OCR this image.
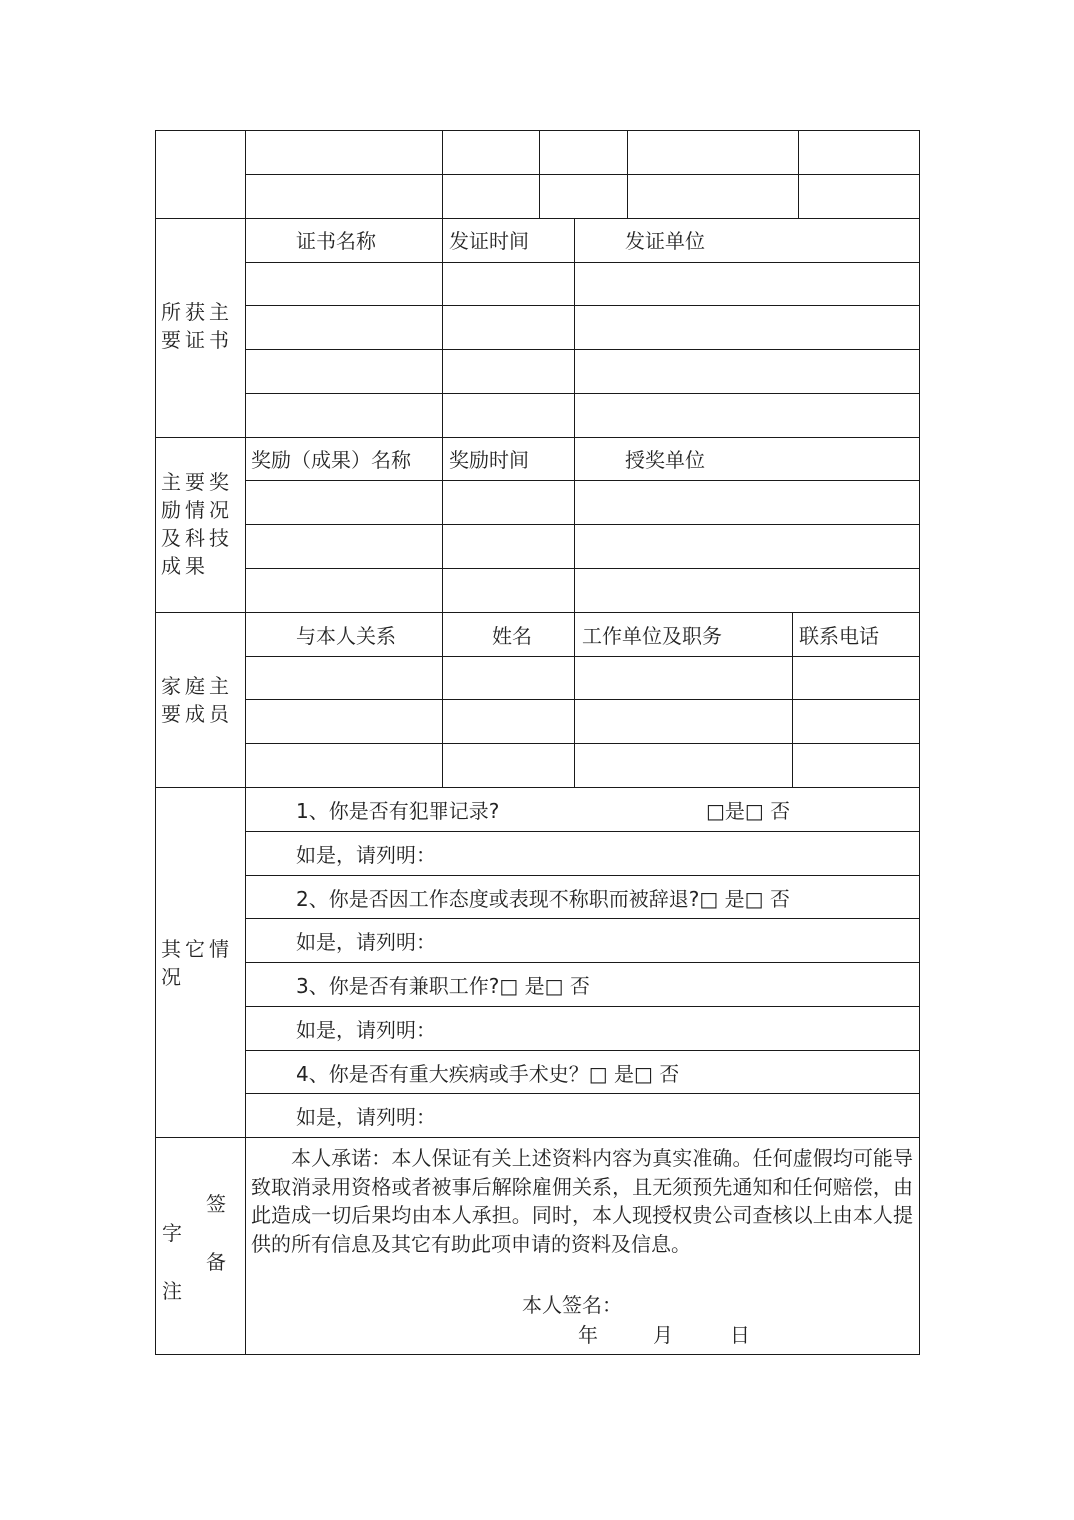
所获主
要证书
证书名称	发证时间	发证单位
主要奖
励情况
及科技
成果
奖励（成果）名称 奖励时间	授奖单位
家庭主
要成员
与本人关系	姓名	工作单位及职务	联系电话
其它情
况
1、你是否有犯罪记录?	□是□ 否
如是，请列明：
2、你是否因工作态度或表现不称职而被辞退?□ 是□ 否
如是，请列明：
3、你是否有兼职工作?□ 是□ 否
如是，请列明：
4、你是否有重大疾病或手术史？□ 是□ 否
如是，请列明：
签
字
备
注
本人承诺：本人保证有关上述资料内容为真实准确。任何虚假均可能导致取消录用资格或者被事后解除雇佣关系，且无须预先通知和任何赔偿，由此造成一切后果均由本人承担。同时，本人现授权贵公司查核以上由本人提供的所有信息及其它有助此项申请的资料及信息。
本人签名：
年	月	日
